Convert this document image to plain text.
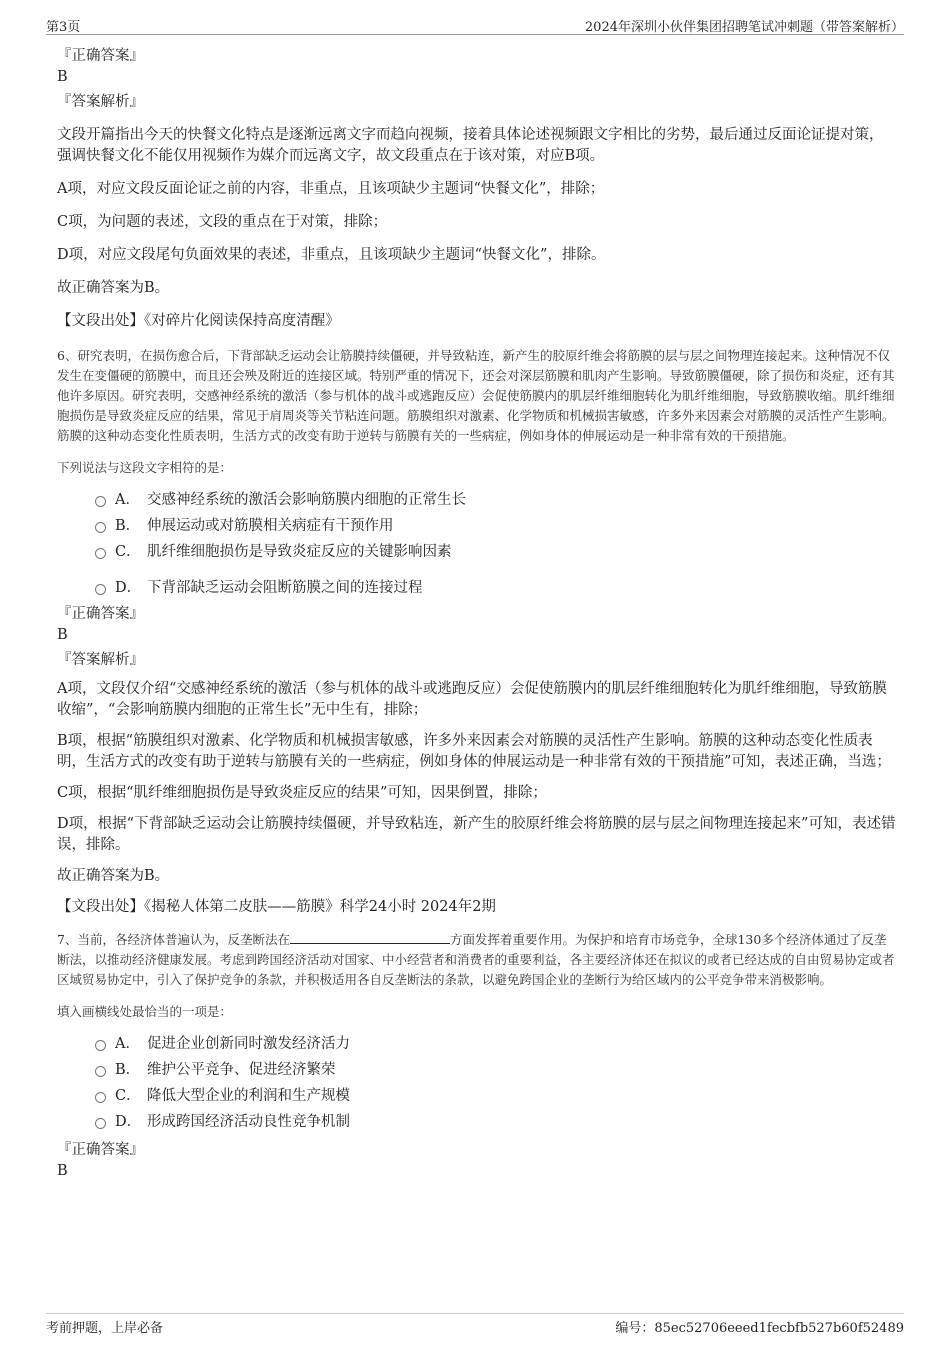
第3页	2024年深圳小伙伴集团招聘笔试冲刺题（带答案解析）
『正确答案』
B
『答案解析』

文段开篇指出今天的快餐文化特点是逐渐远离文字而趋向视频，接着具体论述视频跟文字相比的劣势，最后通过反面论证提对策，强调快餐文化不能仅用视频作为媒介而远离文字，故文段重点在于该对策，对应B项。

A项，对应文段反面论证之前的内容，非重点，且该项缺少主题词“快餐文化”，排除；

C项，为问题的表述，文段的重点在于对策，排除；

D项，对应文段尾句负面效果的表述，非重点，且该项缺少主题词“快餐文化”，排除。

故正确答案为B。

【文段出处】《对碎片化阅读保持高度清醒》

6、研究表明，在损伤愈合后，下背部缺乏运动会让筋膜持续僵硬，并导致粘连，新产生的胶原纤维会将筋膜的层与层之间物理连接起来。这种情况不仅发生在变僵硬的筋膜中，而且还会殃及附近的连接区域。特别严重的情况下，还会对深层筋膜和肌肉产生影响。导致筋膜僵硬，除了损伤和炎症，还有其他许多原因。研究表明，交感神经系统的激活（参与机体的战斗或逃跑反应）会促使筋膜内的肌层纤维细胞转化为肌纤维细胞，导致筋膜收缩。肌纤维细胞损伤是导致炎症反应的结果，常见于肩周炎等关节粘连问题。筋膜组织对激素、化学物质和机械损害敏感，许多外来因素会对筋膜的灵活性产生影响。筋膜的这种动态变化性质表明，生活方式的改变有助于逆转与筋膜有关的一些病症，例如身体的伸展运动是一种非常有效的干预措施。

下列说法与这段文字相符的是：

A． 交感神经系统的激活会影响筋膜内细胞的正常生长
B． 伸展运动或对筋膜相关病症有干预作用
C． 肌纤维细胞损伤是导致炎症反应的关键影响因素
D． 下背部缺乏运动会阻断筋膜之间的连接过程
『正确答案』
B
『答案解析』

A项，文段仅介绍“交感神经系统的激活（参与机体的战斗或逃跑反应）会促使筋膜内的肌层纤维细胞转化为肌纤维细胞，导致筋膜收缩”，“会影响筋膜内细胞的正常生长”无中生有，排除；

B项，根据“筋膜组织对激素、化学物质和机械损害敏感，许多外来因素会对筋膜的灵活性产生影响。筋膜的这种动态变化性质表明，生活方式的改变有助于逆转与筋膜有关的一些病症，例如身体的伸展运动是一种非常有效的干预措施”可知，表述正确，当选；

C项，根据“肌纤维细胞损伤是导致炎症反应的结果”可知，因果倒置，排除；

D项，根据“下背部缺乏运动会让筋膜持续僵硬，并导致粘连，新产生的胶原纤维会将筋膜的层与层之间物理连接起来”可知，表述错误，排除。

故正确答案为B。

【文段出处】《揭秘人体第二皮肤——筋膜》科学24小时 2024年2期

7、当前，各经济体普遍认为，反垄断法在	方面发挥着重要作用。为保护和培育市场竞争，全球130多个经济体通过了反垄断法，以推动经济健康发展。考虑到跨国经济活动对国家、中小经营者和消费者的重要利益，各主要经济体还在拟议的或者已经达成的自由贸易协定或者区域贸易协定中，引入了保护竞争的条款，并积极适用各自反垄断法的条款，以避免跨国企业的垄断行为给区域内的公平竞争带来消极影响。

填入画横线处最恰当的一项是：

A． 促进企业创新同时激发经济活力
B． 维护公平竞争、促进经济繁荣
C． 降低大型企业的利润和生产规模
D． 形成跨国经济活动良性竞争机制
『正确答案』
B
考前押题，上岸必备	编号：85ec52706eeed1fecbfb527b60f52489
